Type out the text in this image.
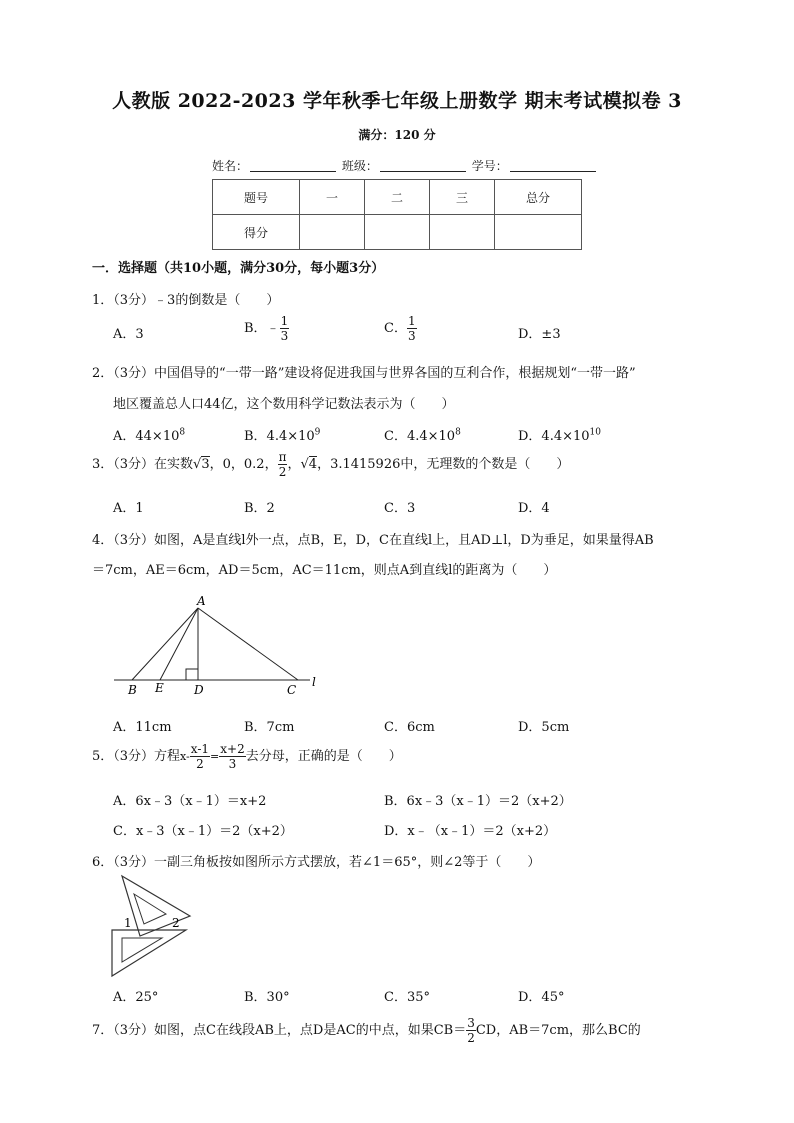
人教版 2022-2023 学年秋季七年级上册数学 期末考试模拟卷 3
满分：120 分
姓名：	班级：	学号：
题号	一	二	三	总分
得分				
一．选择题（共10小题，满分30分，每小题3分）
1．（3分）﹣3的倒数是（　　）
A．3	B．﹣ $\frac{1}{3}$	C． $\frac{1}{3}$	D．±3
2．（3分）中国倡导的“一带一路”建设将促进我国与世界各国的互利合作，根据规划“一带一路”
地区覆盖总人口44亿，这个数用科学记数法表示为（　　）
A．$44\times 10^8$	B．$4.4\times 10^9$	C．$4.4\times 10^8$	D．$4.4\times 10^{10}$
3．（3分）在实数√3，0，0.2， $\frac{\pi}{2}$ ，√4，3.1415926中，无理数的个数是（　　）
A．1	B．2	C．3	D．4
4．（3分）如图，A是直线l外一点，点B，E，D，C在直线l上，且AD⊥l，D为垂足，如果量得AB
＝7cm，AE＝6cm，AD＝5cm，AC＝11cm，则点A到直线l的距离为（　　）
A
B E	D	C
l
A．11cm	B．7cm	C．6cm	D．5cm
5．（3分）方程$x- \frac{x-1}{2} = \frac{x+2}{3}$ 去分母，正确的是（　　）
A．6x﹣3（x﹣1）＝x+2	B．6x﹣3（x﹣1）＝2（x+2）
C．x﹣3（x﹣1）＝2（x+2）	D．x﹣（x﹣1）＝2（x+2）
6．（3分）一副三角板按如图所示方式摆放，若∠1＝65°，则∠2等于（　　）
1	2
A．25°	B．30°	C．35°	D．45°
7．（3分）如图，点C在线段AB上，点D是AC的中点，如果$CB= \frac{3}{2}$ CD，AB＝7cm，那么BC的
